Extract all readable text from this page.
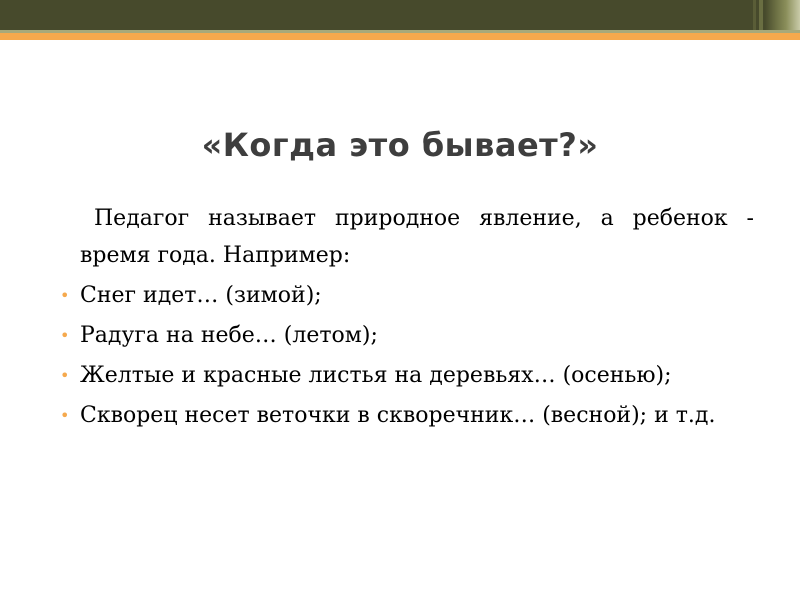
«Когда это бывает?»

Педагог называет природное явление, а ребенок - время года. Например:

• Снег идет… (зимой);
• Радуга на небе… (летом);
• Желтые и красные листья на деревьях… (осенью);
• Скворец несет веточки в скворечник… (весной); и т.д.
